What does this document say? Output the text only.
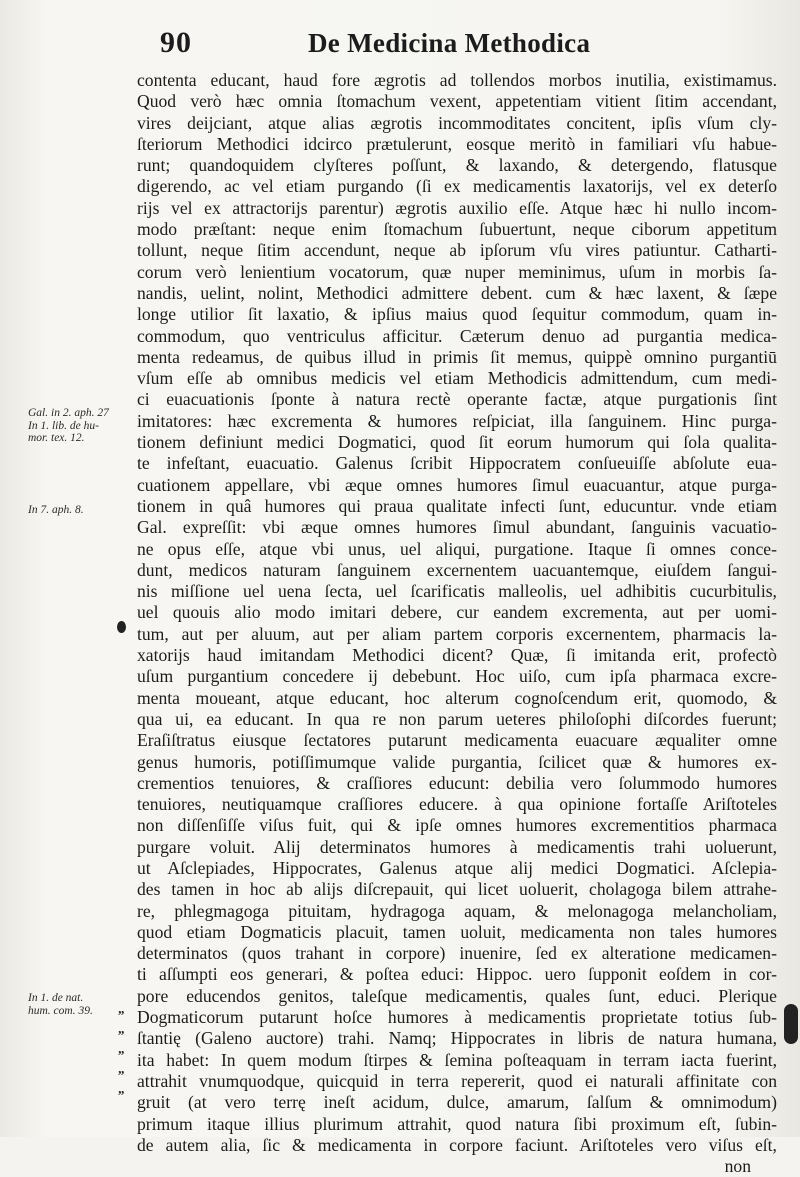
90	De Medicina Methodica
Gal. in 2. aph. 27
In 1. lib. de hu-
mor. tex. 12.
In 7. aph. 8.
In 1. de nat.
hum. com. 39. „
„
„
„
„
contenta educant, haud fore ægrotis ad tollendos morbos inutilia, existimamus.
Quod verò hæc omnia ſtomachum vexent, appetentiam vitient ſitim accendant,
vires deijciant, atque alias ægrotis incommoditates concitent, ipſis vſum cly-
ſteriorum Methodici idcirco prætulerunt, eosque meritò in familiari vſu habue-
runt; quandoquidem clyſteres poſſunt, & laxando, & detergendo, flatusque
digerendo, ac vel etiam purgando (ſi ex medicamentis laxatorijs, vel ex deterſo
rijs vel ex attractorijs parentur) ægrotis auxilio eſſe. Atque hæc hi nullo incom-
modo præſtant: neque enim ſtomachum ſubuertunt, neque ciborum appetitum
tollunt, neque ſitim accendunt, neque ab ipſorum vſu vires patiuntur. Catharti-
corum verò lenientium vocatorum, quæ nuper meminimus, uſum in morbis ſa-
nandis, uelint, nolint, Methodici admittere debent. cum & hæc laxent, & ſæpe
longe utilior ſit laxatio, & ipſius maius quod ſequitur commodum, quam in-
commodum, quo ventriculus afficitur. Cæterum denuo ad purgantia medica-
menta redeamus, de quibus illud in primis ſit memus, quippè omnino purgantiū
vſum eſſe ab omnibus medicis vel etiam Methodicis admittendum, cum medi-
ci euacuationis ſponte à natura rectè operante factæ, atque purgationis ſint
imitatores: hæc excrementa & humores reſpiciat, illa ſanguinem. Hinc purga-
tionem definiunt medici Dogmatici, quod ſit eorum humorum qui ſola qualita-
te infeſtant, euacuatio. Galenus ſcribit Hippocratem conſueuiſſe abſolute eua-
cuationem appellare, vbi æque omnes humores ſimul euacuantur, atque purga-
tionem in quâ humores qui praua qualitate infecti ſunt, educuntur. vnde etiam
Gal. expreſſit: vbi æque omnes humores ſimul abundant, ſanguinis vacuatio-
ne opus eſſe, atque vbi unus, uel aliqui, purgatione. Itaque ſi omnes conce-
dunt, medicos naturam ſanguinem excernentem uacuantemque, eiuſdem ſangui-
nis miſſione uel uena ſecta, uel ſcarificatis malleolis, uel adhibitis cucurbitulis,
uel quouis alio modo imitari debere, cur eandem excrementa, aut per uomi-
tum, aut per aluum, aut per aliam partem corporis excernentem, pharmacis la-
xatorijs haud imitandam Methodici dicent? Quæ, ſi imitanda erit, profectò
uſum purgantium concedere ij debebunt. Hoc uiſo, cum ipſa pharmaca excre-
menta moueant, atque educant, hoc alterum cognoſcendum erit, quomodo, &
qua ui, ea educant. In qua re non parum ueteres philoſophi diſcordes fuerunt;
Eraſiſtratus eiusque ſectatores putarunt medicamenta euacuare æqualiter omne
genus humoris, potiſſimumque valide purgantia, ſcilicet quæ & humores ex-
crementios tenuiores, & craſſiores educunt: debilia vero ſolummodo humores
tenuiores, neutiquamque craſſiores educere. à qua opinione fortaſſe Ariſtoteles
non diſſenſiſſe viſus fuit, qui & ipſe omnes humores excrementitios pharmaca
purgare voluit. Alij determinatos humores à medicamentis trahi uoluerunt,
ut Aſclepiades, Hippocrates, Galenus atque alij medici Dogmatici. Aſclepia-
des tamen in hoc ab alijs diſcrepauit, qui licet uoluerit, cholagoga bilem attrahe-
re, phlegmagoga pituitam, hydragoga aquam, & melonagoga melancholiam,
quod etiam Dogmaticis placuit, tamen uoluit, medicamenta non tales humores
determinatos (quos trahant in corpore) inuenire, ſed ex alteratione medicamen-
ti aſſumpti eos generari, & poſtea educi: Hippoc. uero ſupponit eoſdem in cor-
pore educendos genitos, taleſque medicamentis, quales ſunt, educi. Plerique
Dogmaticorum putarunt hoſce humores à medicamentis proprietate totius ſub-
ſtantię (Galeno auctore) trahi. Namq; Hippocrates in libris de natura humana,
ita habet: In quem modum ſtirpes & ſemina poſteaquam in terram iacta fuerint,
attrahit vnumquodque, quicquid in terra repererit, quod ei naturali affinitate con
gruit (at vero terrę ineſt acidum, dulce, amarum, ſalſum & omnimodum)
primum itaque illius plurimum attrahit, quod natura ſibi proximum eſt, ſubin-
de autem alia, ſic & medicamenta in corpore faciunt. Ariſtoteles vero viſus eſt,
non
